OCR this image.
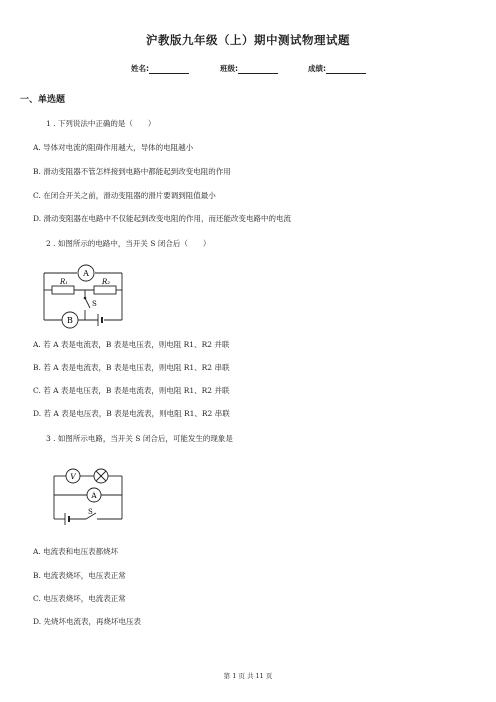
沪教版九年级（上）期中测试物理试题
姓名:	班级:	成绩:
一、单选题
1 . 下列说法中正确的是（　　）
A. 导体对电流的阻碍作用越大，导体的电阻越小
B. 滑动变阻器不管怎样接到电路中都能起到改变电阻的作用
C. 在闭合开关之前，滑动变阻器的滑片要调到阻值最小
D. 滑动变阻器在电路中不仅能起到改变电阻的作用，而还能改变电路中的电流
2 . 如图所示的电路中，当开关 S 闭合后（　　）
A
B
R₁	R₂
S
A. 若 A 表是电流表，B 表是电压表，则电阻 R1、R2 并联
B. 若 A 表是电流表，B 表是电压表，则电阻 R1、R2 串联
C. 若 A 表是电压表，B 表是电流表，则电阻 R1、R2 并联
D. 若 A 表是电压表，B 表是电流表，则电阻 R1、R2 串联
3 . 如图所示电路，当开关 S 闭合后，可能发生的现象是
V
A
S
A. 电流表和电压表都烧坏
B. 电流表烧坏，电压表正常
C. 电压表烧坏，电流表正常
D. 先烧坏电流表，再烧坏电压表
第 1 页 共 11 页
